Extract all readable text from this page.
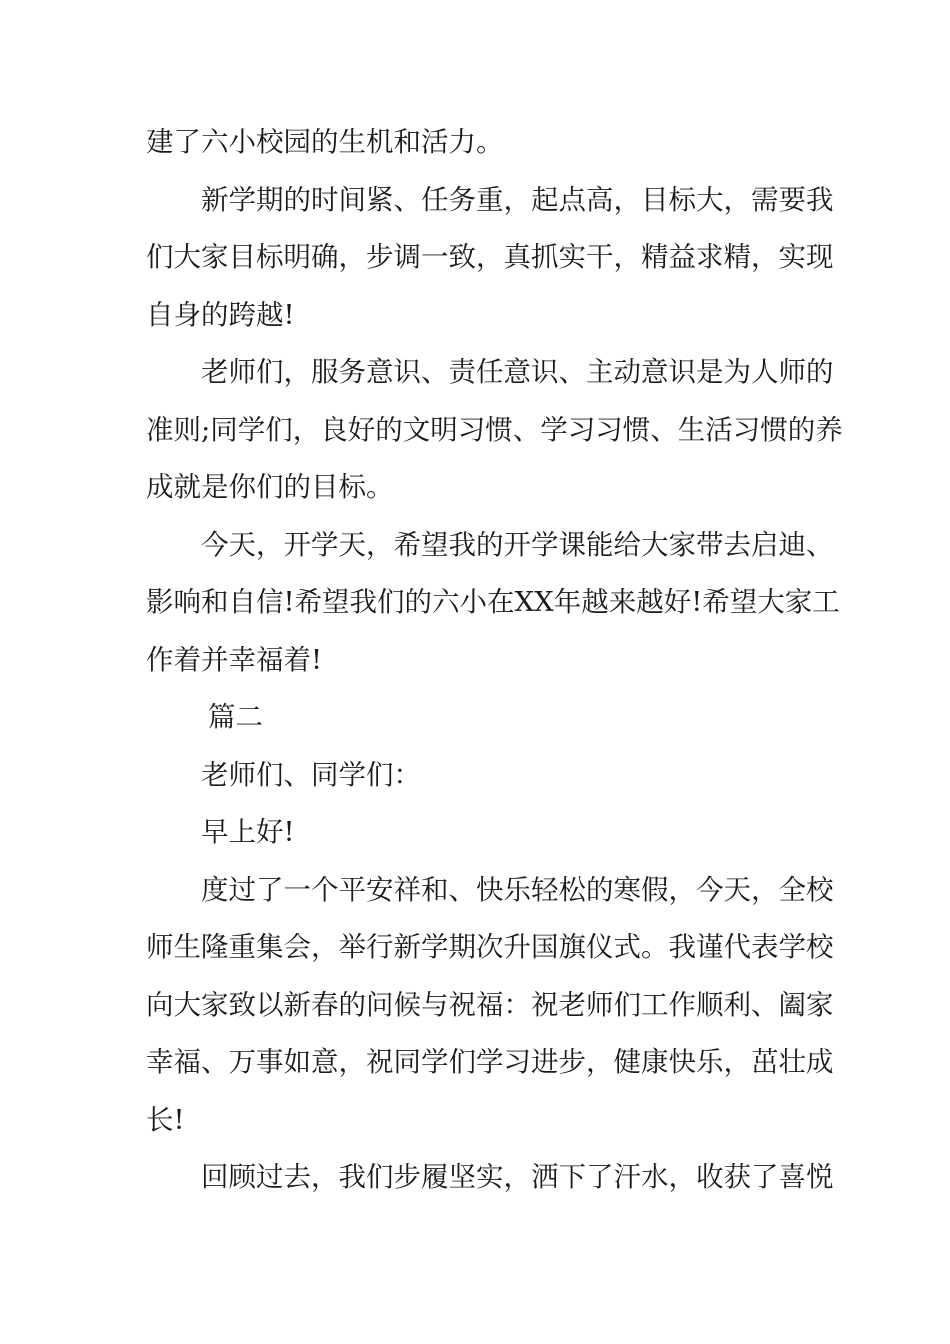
建了六小校园的生机和活力。
新学期的时间紧、任务重，起点高，目标大，需要我
们大家目标明确，步调一致，真抓实干，精益求精，实现
自身的跨越!
老师们，服务意识、责任意识、主动意识是为人师的
准则;同学们，良好的文明习惯、学习习惯、生活习惯的养
成就是你们的目标。
今天，开学天，希望我的开学课能给大家带去启迪、
影响和自信!希望我们的六小在XX年越来越好!希望大家工
作着并幸福着!
篇二
老师们、同学们：
早上好!
度过了一个平安祥和、快乐轻松的寒假，今天，全校
师生隆重集会，举行新学期次升国旗仪式。我谨代表学校
向大家致以新春的问候与祝福：祝老师们工作顺利、阖家
幸福、万事如意，祝同学们学习进步，健康快乐，茁壮成
长!
回顾过去，我们步履坚实，洒下了汗水，收获了喜悦
